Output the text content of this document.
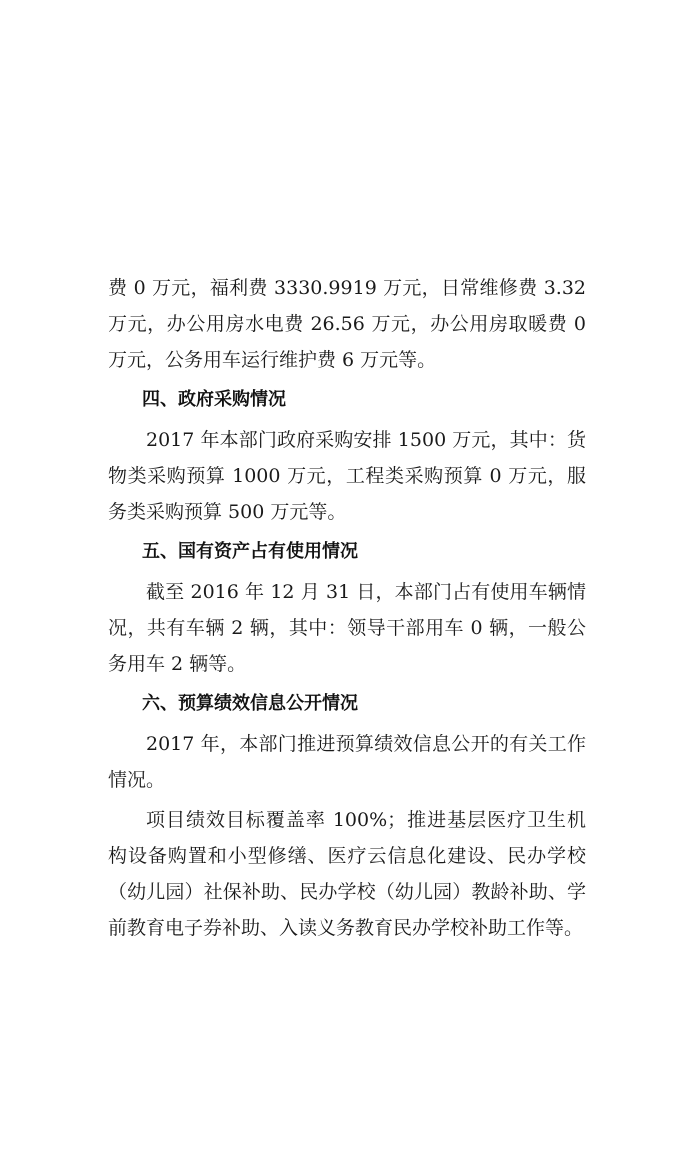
费 0 万元，福利费 3330.9919 万元，日常维修费 3.32 万元，办公用房水电费 26.56 万元，办公用房取暖费 0 万元，公务用车运行维护费 6 万元等。

四、政府采购情况

2017 年本部门政府采购安排 1500 万元，其中：货物类采购预算 1000 万元，工程类采购预算 0 万元，服务类采购预算 500 万元等。

五、国有资产占有使用情况

截至 2016 年 12 月 31 日，本部门占有使用车辆情况，共有车辆 2 辆，其中：领导干部用车 0 辆，一般公务用车 2 辆等。

六、预算绩效信息公开情况

2017 年，本部门推进预算绩效信息公开的有关工作情况。

项目绩效目标覆盖率 100%；推进基层医疗卫生机构设备购置和小型修缮、医疗云信息化建设、民办学校（幼儿园）社保补助、民办学校（幼儿园）教龄补助、学前教育电子券补助、入读义务教育民办学校补助工作等。
